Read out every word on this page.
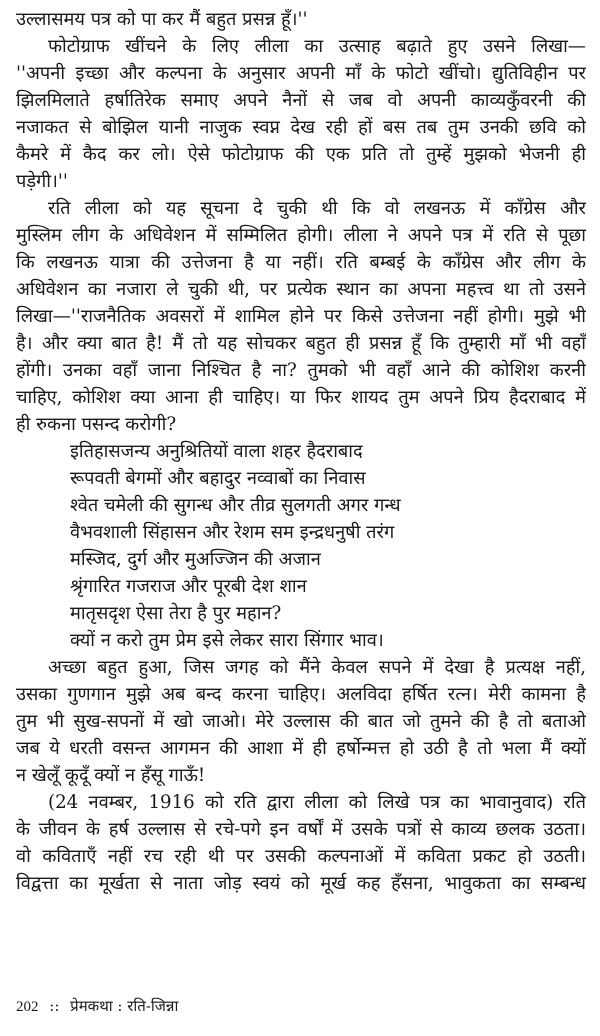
उल्लासमय पत्र को पा कर मैं बहुत प्रसन्न हूँ।''
फोटोग्राफ खींचने के लिए लीला का उत्साह बढ़ाते हुए उसने लिखा—
''अपनी इच्छा और कल्पना के अनुसार अपनी माँ के फोटो खींचो। द्युतिविहीन पर
झिलमिलाते हर्षातिरेक समाए अपने नैनों से जब वो अपनी काव्यकुँवरनी की
नजाकत से बोझिल यानी नाजुक स्वप्न देख रही हों बस तब तुम उनकी छवि को
कैमरे में कैद कर लो। ऐसे फोटोग्राफ की एक प्रति तो तुम्हें मुझको भेजनी ही
पड़ेगी।''
रति लीला को यह सूचना दे चुकी थी कि वो लखनऊ में काँग्रेस और
मुस्लिम लीग के अधिवेशन में सम्मिलित होगी। लीला ने अपने पत्र में रति से पूछा
कि लखनऊ यात्रा की उत्तेजना है या नहीं। रति बम्बई के काँग्रेस और लीग के
अधिवेशन का नजारा ले चुकी थी, पर प्रत्येक स्थान का अपना महत्त्व था तो उसने
लिखा—''राजनैतिक अवसरों में शामिल होने पर किसे उत्तेजना नहीं होगी। मुझे भी
है। और क्या बात है! मैं तो यह सोचकर बहुत ही प्रसन्न हूँ कि तुम्हारी माँ भी वहाँ
होंगी। उनका वहाँ जाना निश्चित है ना? तुमको भी वहाँ आने की कोशिश करनी
चाहिए, कोशिश क्या आना ही चाहिए। या फिर शायद तुम अपने प्रिय हैदराबाद में
ही रुकना पसन्द करोगी?
इतिहासजन्य अनुश्रितियों वाला शहर हैदराबाद
रूपवती बेगमों और बहादुर नव्वाबों का निवास
श्वेत चमेली की सुगन्ध और तीव्र सुलगती अगर गन्ध
वैभवशाली सिंहासन और रेशम सम इन्द्रधनुषी तरंग
मस्जिद, दुर्ग और मुअज्जिन की अजान
श्रृंगारित गजराज और पूरबी देश शान
मातृसदृश ऐसा तेरा है पुर महान?
क्यों न करो तुम प्रेम इसे लेकर सारा सिंगार भाव।
अच्छा बहुत हुआ, जिस जगह को मैंने केवल सपने में देखा है प्रत्यक्ष नहीं,
उसका गुणगान मुझे अब बन्द करना चाहिए। अलविदा हर्षित रत्न। मेरी कामना है
तुम भी सुख-सपनों में खो जाओ। मेरे उल्लास की बात जो तुमने की है तो बताओ
जब ये धरती वसन्त आगमन की आशा में ही हर्षोन्मत्त हो उठी है तो भला मैं क्यों
न खेलूँ कूदूँ क्यों न हँसू गाऊँ!
(24 नवम्बर, 1916 को रति द्वारा लीला को लिखे पत्र का भावानुवाद) रति
के जीवन के हर्ष उल्लास से रचे-पगे इन वर्षों में उसके पत्रों से काव्य छलक उठता।
वो कविताएँ नहीं रच रही थी पर उसकी कल्पनाओं में कविता प्रकट हो उठती।
विद्वत्ता का मूर्खता से नाता जोड़ स्वयं को मूर्ख कह हँसना, भावुकता का सम्बन्ध
202 :: प्रेमकथा : रति-जिन्ना
